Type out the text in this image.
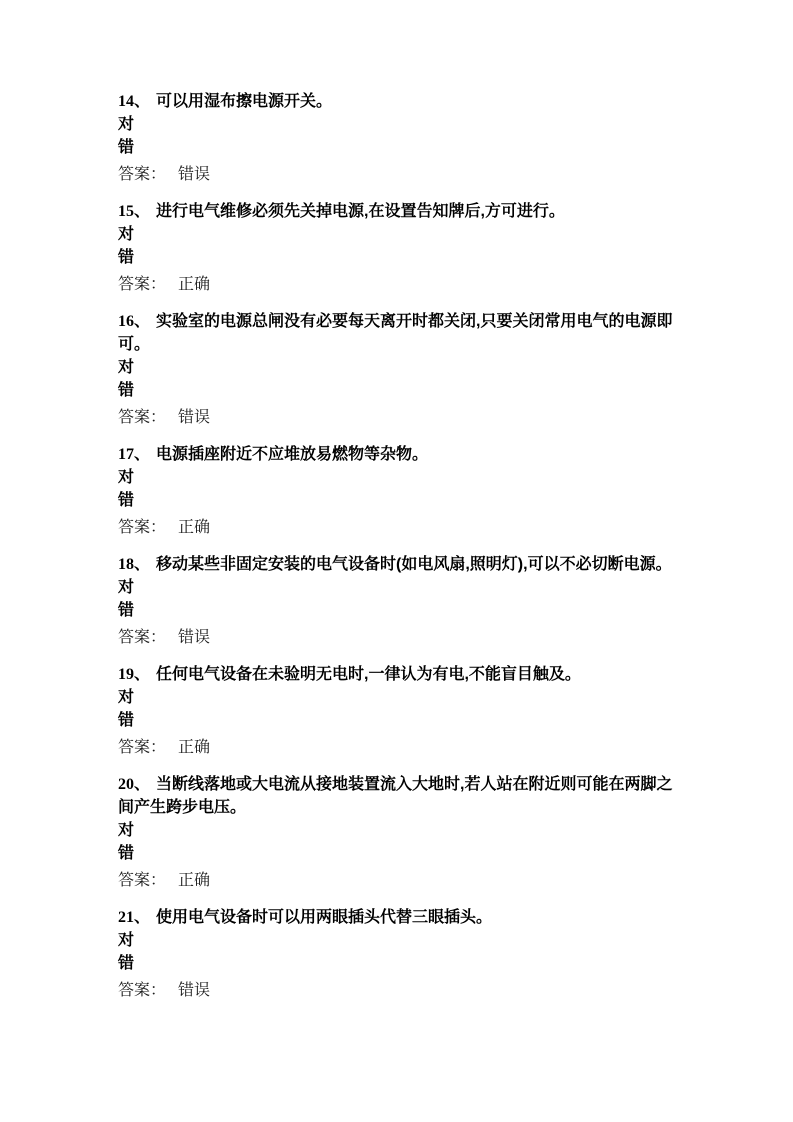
14、 可以用湿布擦电源开关。

对

错

答案： 错误

15、 进行电气维修必须先关掉电源,在设置告知牌后,方可进行。

对

错

答案： 正确

16、 实验室的电源总闸没有必要每天离开时都关闭,只要关闭常用电气的电源即可。

对

错

答案： 错误

17、 电源插座附近不应堆放易燃物等杂物。

对

错

答案： 正确

18、 移动某些非固定安装的电气设备时(如电风扇,照明灯),可以不必切断电源。

对

错

答案： 错误

19、 任何电气设备在未验明无电时,一律认为有电,不能盲目触及。

对

错

答案： 正确

20、 当断线落地或大电流从接地装置流入大地时,若人站在附近则可能在两脚之间产生跨步电压。

对

错

答案： 正确

21、 使用电气设备时可以用两眼插头代替三眼插头。

对

错

答案： 错误
